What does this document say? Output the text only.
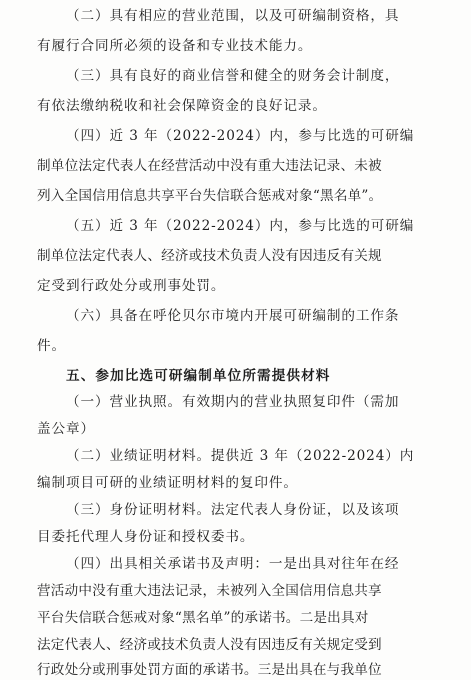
（二）具有相应的营业范围，以及可研编制资格，具
有履行合同所必须的设备和专业技术能力。
（三）具有良好的商业信誉和健全的财务会计制度，
有依法缴纳税收和社会保障资金的良好记录。
（四）近 3 年（2022-2024）内，参与比选的可研编
制单位法定代表人在经营活动中没有重大违法记录、未被
列入全国信用信息共享平台失信联合惩戒对象“黑名单”。
（五）近 3 年（2022-2024）内，参与比选的可研编
制单位法定代表人、经济或技术负责人没有因违反有关规
定受到行政处分或刑事处罚。
（六）具备在呼伦贝尔市境内开展可研编制的工作条
件。
五、参加比选可研编制单位所需提供材料
（一）营业执照。有效期内的营业执照复印件（需加
盖公章）
（二）业绩证明材料。提供近 3 年（2022-2024）内
编制项目可研的业绩证明材料的复印件。
（三）身份证明材料。法定代表人身份证，以及该项
目委托代理人身份证和授权委书。
（四）出具相关承诺书及声明：一是出具对往年在经
营活动中没有重大违法记录，未被列入全国信用信息共享
平台失信联合惩戒对象“黑名单”的承诺书。二是出具对
法定代表人、经济或技术负责人没有因违反有关规定受到
行政处分或刑事处罚方面的承诺书。三是出具在与我单位
